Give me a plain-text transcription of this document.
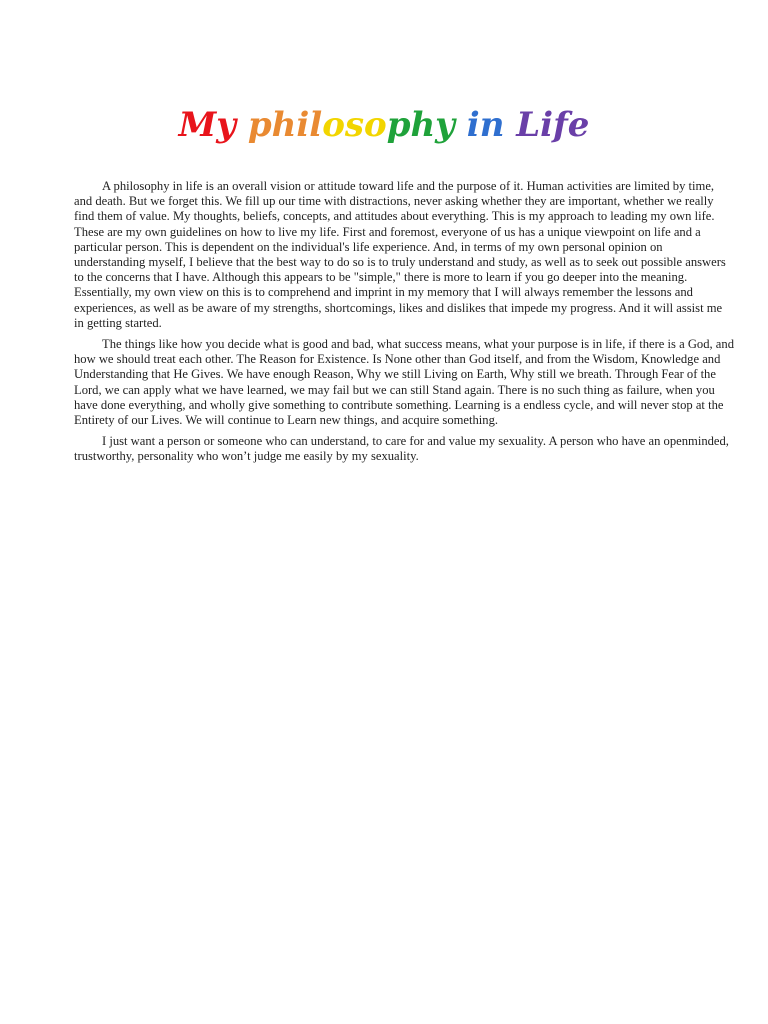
My philosophy in Life

A philosophy in life is an overall vision or attitude toward life and the purpose of it. Human activities are limited by time, and death. But we forget this. We fill up our time with distractions, never asking whether they are important, whether we really find them of value. My thoughts, beliefs, concepts, and attitudes about everything. This is my approach to leading my own life. These are my own guidelines on how to live my life. First and foremost, everyone of us has a unique viewpoint on life and a particular person. This is dependent on the individual's life experience. And, in terms of my own personal opinion on understanding myself, I believe that the best way to do so is to truly understand and study, as well as to seek out possible answers to the concerns that I have. Although this appears to be "simple," there is more to learn if you go deeper into the meaning. Essentially, my own view on this is to comprehend and imprint in my memory that I will always remember the lessons and experiences, as well as be aware of my strengths, shortcomings, likes and dislikes that impede my progress. And it will assist me in getting started.

The things like how you decide what is good and bad, what success means, what your purpose is in life, if there is a God, and how we should treat each other. The Reason for Existence. Is None other than God itself, and from the Wisdom, Knowledge and Understanding that He Gives. We have enough Reason, Why we still Living on Earth, Why still we breath. Through Fear of the Lord, we can apply what we have learned, we may fail but we can still Stand again. There is no such thing as failure, when you have done everything, and wholly give something to contribute something. Learning is a endless cycle, and will never stop at the Entirety of our Lives. We will continue to Learn new things, and acquire something.

I just want a person or someone who can understand, to care for and value my sexuality. A person who have an openminded, trustworthy, personality who won’t judge me easily by my sexuality.
